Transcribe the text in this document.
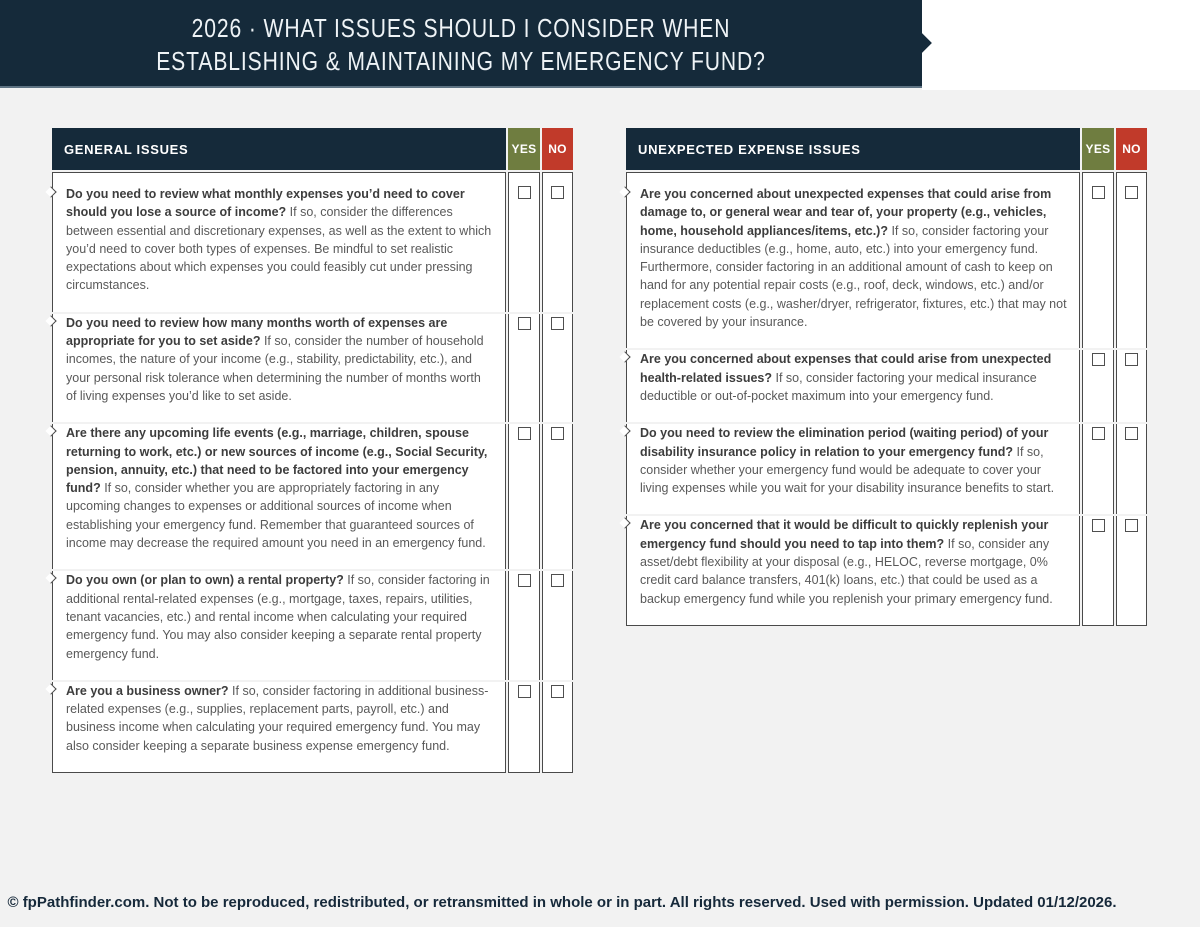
2026 · WHAT ISSUES SHOULD I CONSIDER WHEN
ESTABLISHING & MAINTAINING MY EMERGENCY FUND?
GENERAL ISSUES	YES NO
Do you need to review what monthly expenses you’d need to cover should you lose a source of income? If so, consider the differences between essential and discretionary expenses, as well as the extent to which you’d need to cover both types of expenses. Be mindful to set realistic expectations about which expenses you could feasibly cut under pressing circumstances.
Do you need to review how many months worth of expenses are appropriate for you to set aside? If so, consider the number of household incomes, the nature of your income (e.g., stability, predictability, etc.), and your personal risk tolerance when determining the number of months worth of living expenses you’d like to set aside.
Are there any upcoming life events (e.g., marriage, children, spouse returning to work, etc.) or new sources of income (e.g., Social Security, pension, annuity, etc.) that need to be factored into your emergency fund? If so, consider whether you are appropriately factoring in any upcoming changes to expenses or additional sources of income when establishing your emergency fund. Remember that guaranteed sources of income may decrease the required amount you need in an emergency fund.
Do you own (or plan to own) a rental property? If so, consider factoring in additional rental-related expenses (e.g., mortgage, taxes, repairs, utilities, tenant vacancies, etc.) and rental income when calculating your required emergency fund. You may also consider keeping a separate rental property emergency fund.
Are you a business owner? If so, consider factoring in additional business-related expenses (e.g., supplies, replacement parts, payroll, etc.) and business income when calculating your required emergency fund. You may also consider keeping a separate business expense emergency fund.
UNEXPECTED EXPENSE ISSUES	YES NO
Are you concerned about unexpected expenses that could arise from damage to, or general wear and tear of, your property (e.g., vehicles, home, household appliances/items, etc.)? If so, consider factoring your insurance deductibles (e.g., home, auto, etc.) into your emergency fund. Furthermore, consider factoring in an additional amount of cash to keep on hand for any potential repair costs (e.g., roof, deck, windows, etc.) and/or replacement costs (e.g., washer/dryer, refrigerator, fixtures, etc.) that may not be covered by your insurance.
Are you concerned about expenses that could arise from unexpected health-related issues? If so, consider factoring your medical insurance deductible or out-of-pocket maximum into your emergency fund.
Do you need to review the elimination period (waiting period) of your disability insurance policy in relation to your emergency fund? If so, consider whether your emergency fund would be adequate to cover your living expenses while you wait for your disability insurance benefits to start.
Are you concerned that it would be difficult to quickly replenish your emergency fund should you need to tap into them? If so, consider any asset/debt flexibility at your disposal (e.g., HELOC, reverse mortgage, 0% credit card balance transfers, 401(k) loans, etc.) that could be used as a backup emergency fund while you replenish your primary emergency fund.
© fpPathfinder.com. Not to be reproduced, redistributed, or retransmitted in whole or in part. All rights reserved. Used with permission. Updated 01/12/2026.
